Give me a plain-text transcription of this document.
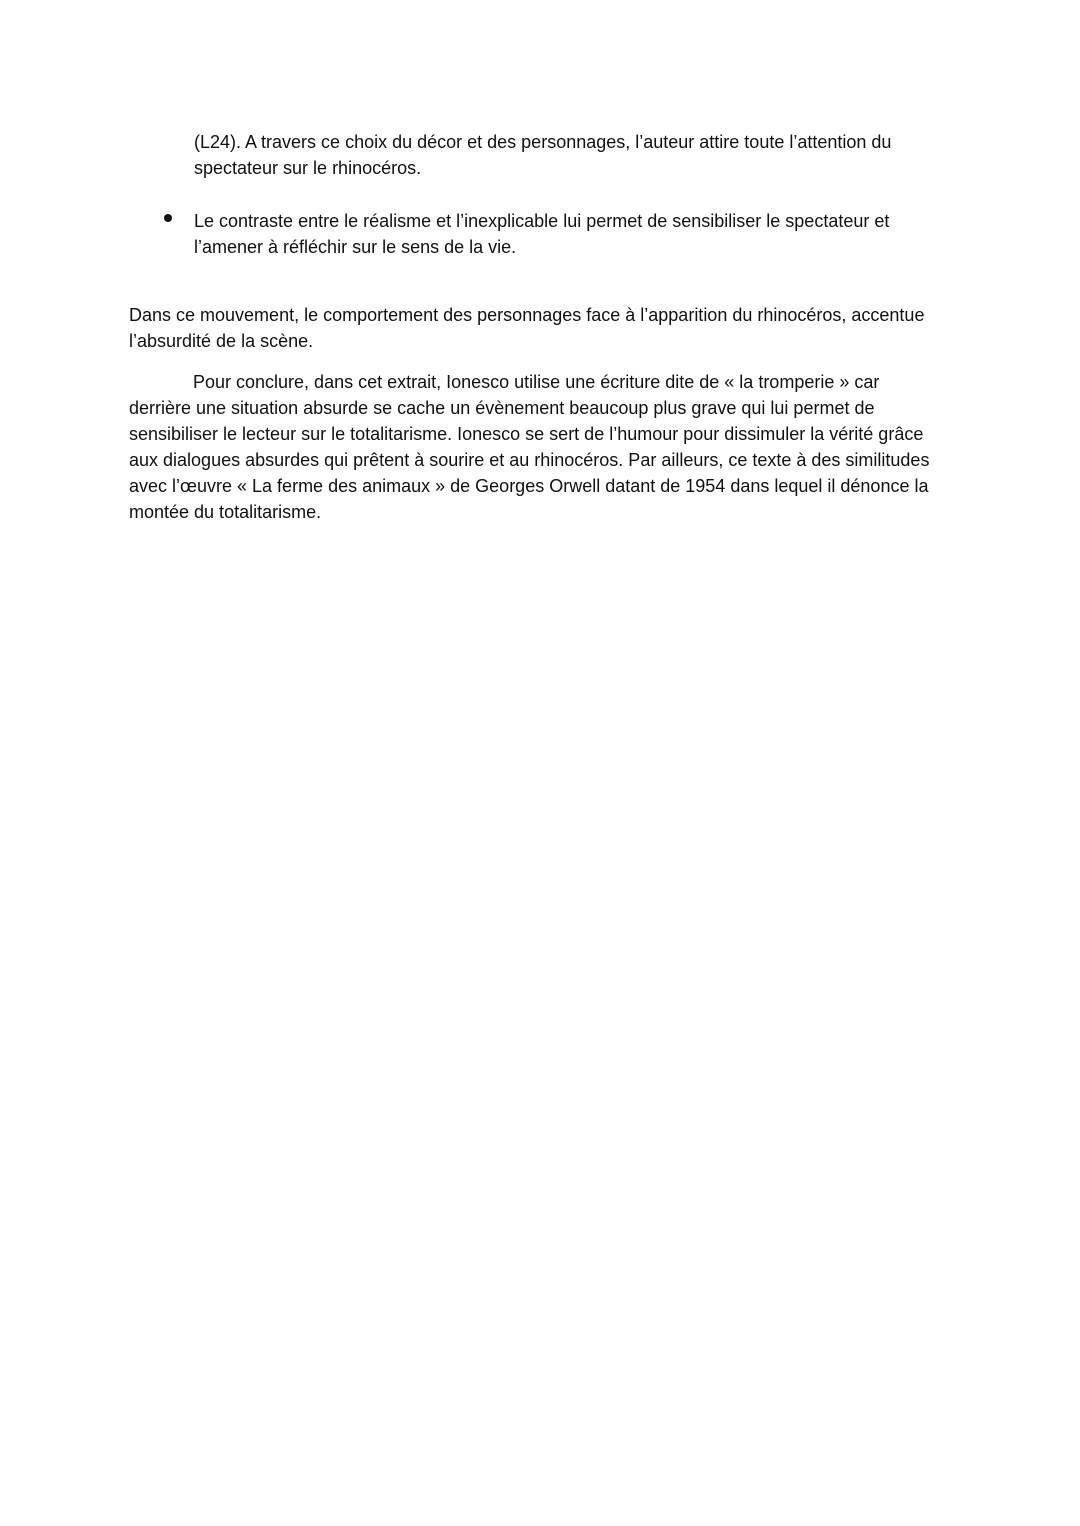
(L24). A travers ce choix du décor et des personnages, l’auteur attire toute l’attention du
spectateur sur le rhinocéros.
Le contraste entre le réalisme et l’inexplicable lui permet de sensibiliser le spectateur et
l’amener à réfléchir sur le sens de la vie.
Dans ce mouvement, le comportement des personnages face à l’apparition du rhinocéros, accentue
l’absurdité de la scène.
Pour conclure, dans cet extrait, Ionesco utilise une écriture dite de « la tromperie » car
derrière une situation absurde se cache un évènement beaucoup plus grave qui lui permet de
sensibiliser le lecteur sur le totalitarisme. Ionesco se sert de l’humour pour dissimuler la vérité grâce
aux dialogues absurdes qui prêtent à sourire et au rhinocéros. Par ailleurs, ce texte à des similitudes
avec l’œuvre « La ferme des animaux » de Georges Orwell datant de 1954 dans lequel il dénonce la
montée du totalitarisme.
